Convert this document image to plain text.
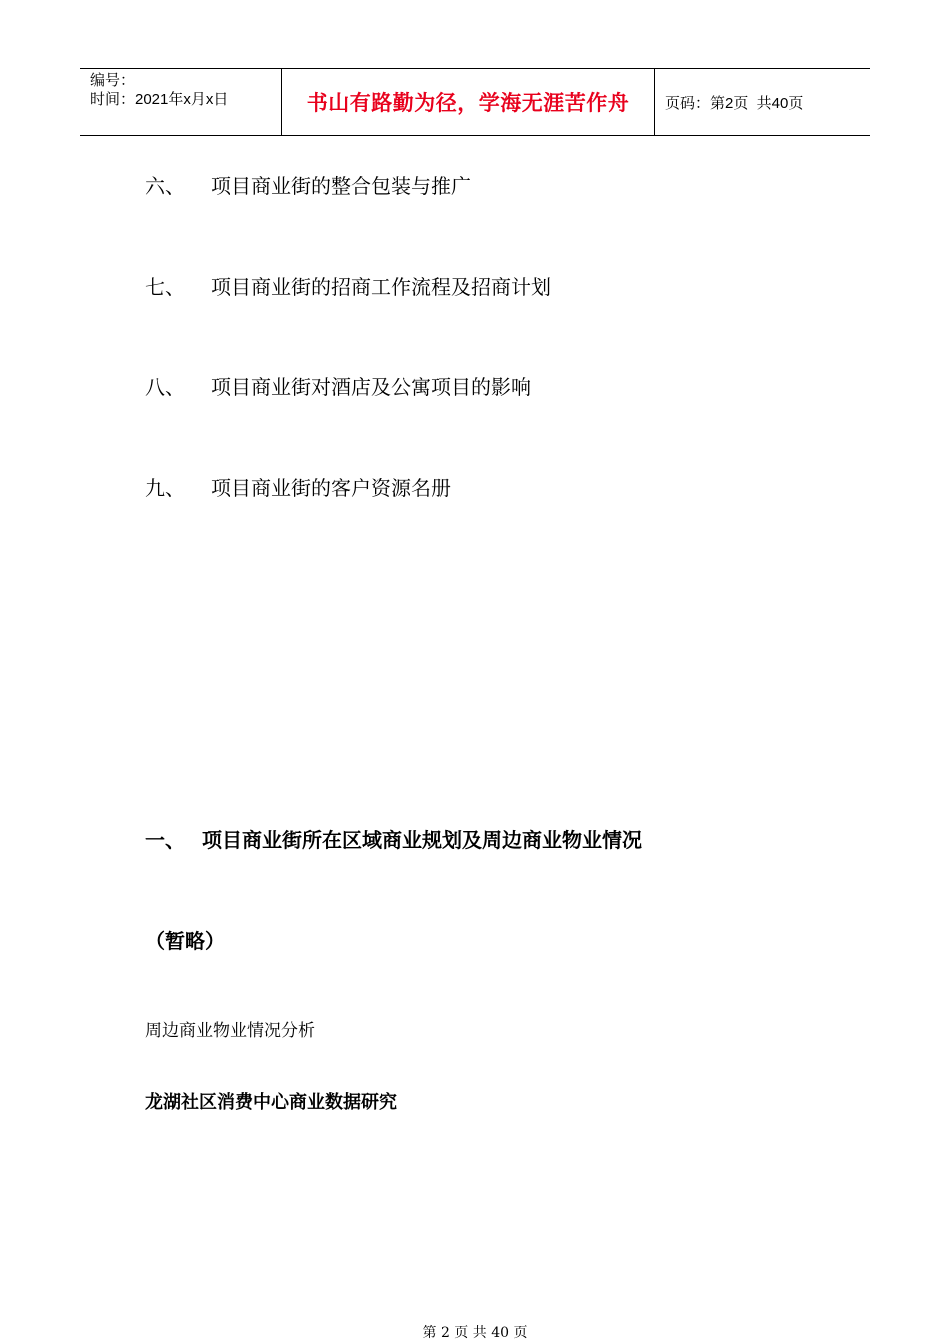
编号：
时间：2021年x月x日	书山有路勤为径，学海无涯苦作舟	页码：第2页  共40页
六、 项目商业街的整合包装与推广
七、 项目商业街的招商工作流程及招商计划
八、 项目商业街对酒店及公寓项目的影响
九、 项目商业街的客户资源名册
一、 项目商业街所在区域商业规划及周边商业物业情况
（暂略）
周边商业物业情况分析
龙湖社区消费中心商业数据研究
第 2 页 共 40 页
